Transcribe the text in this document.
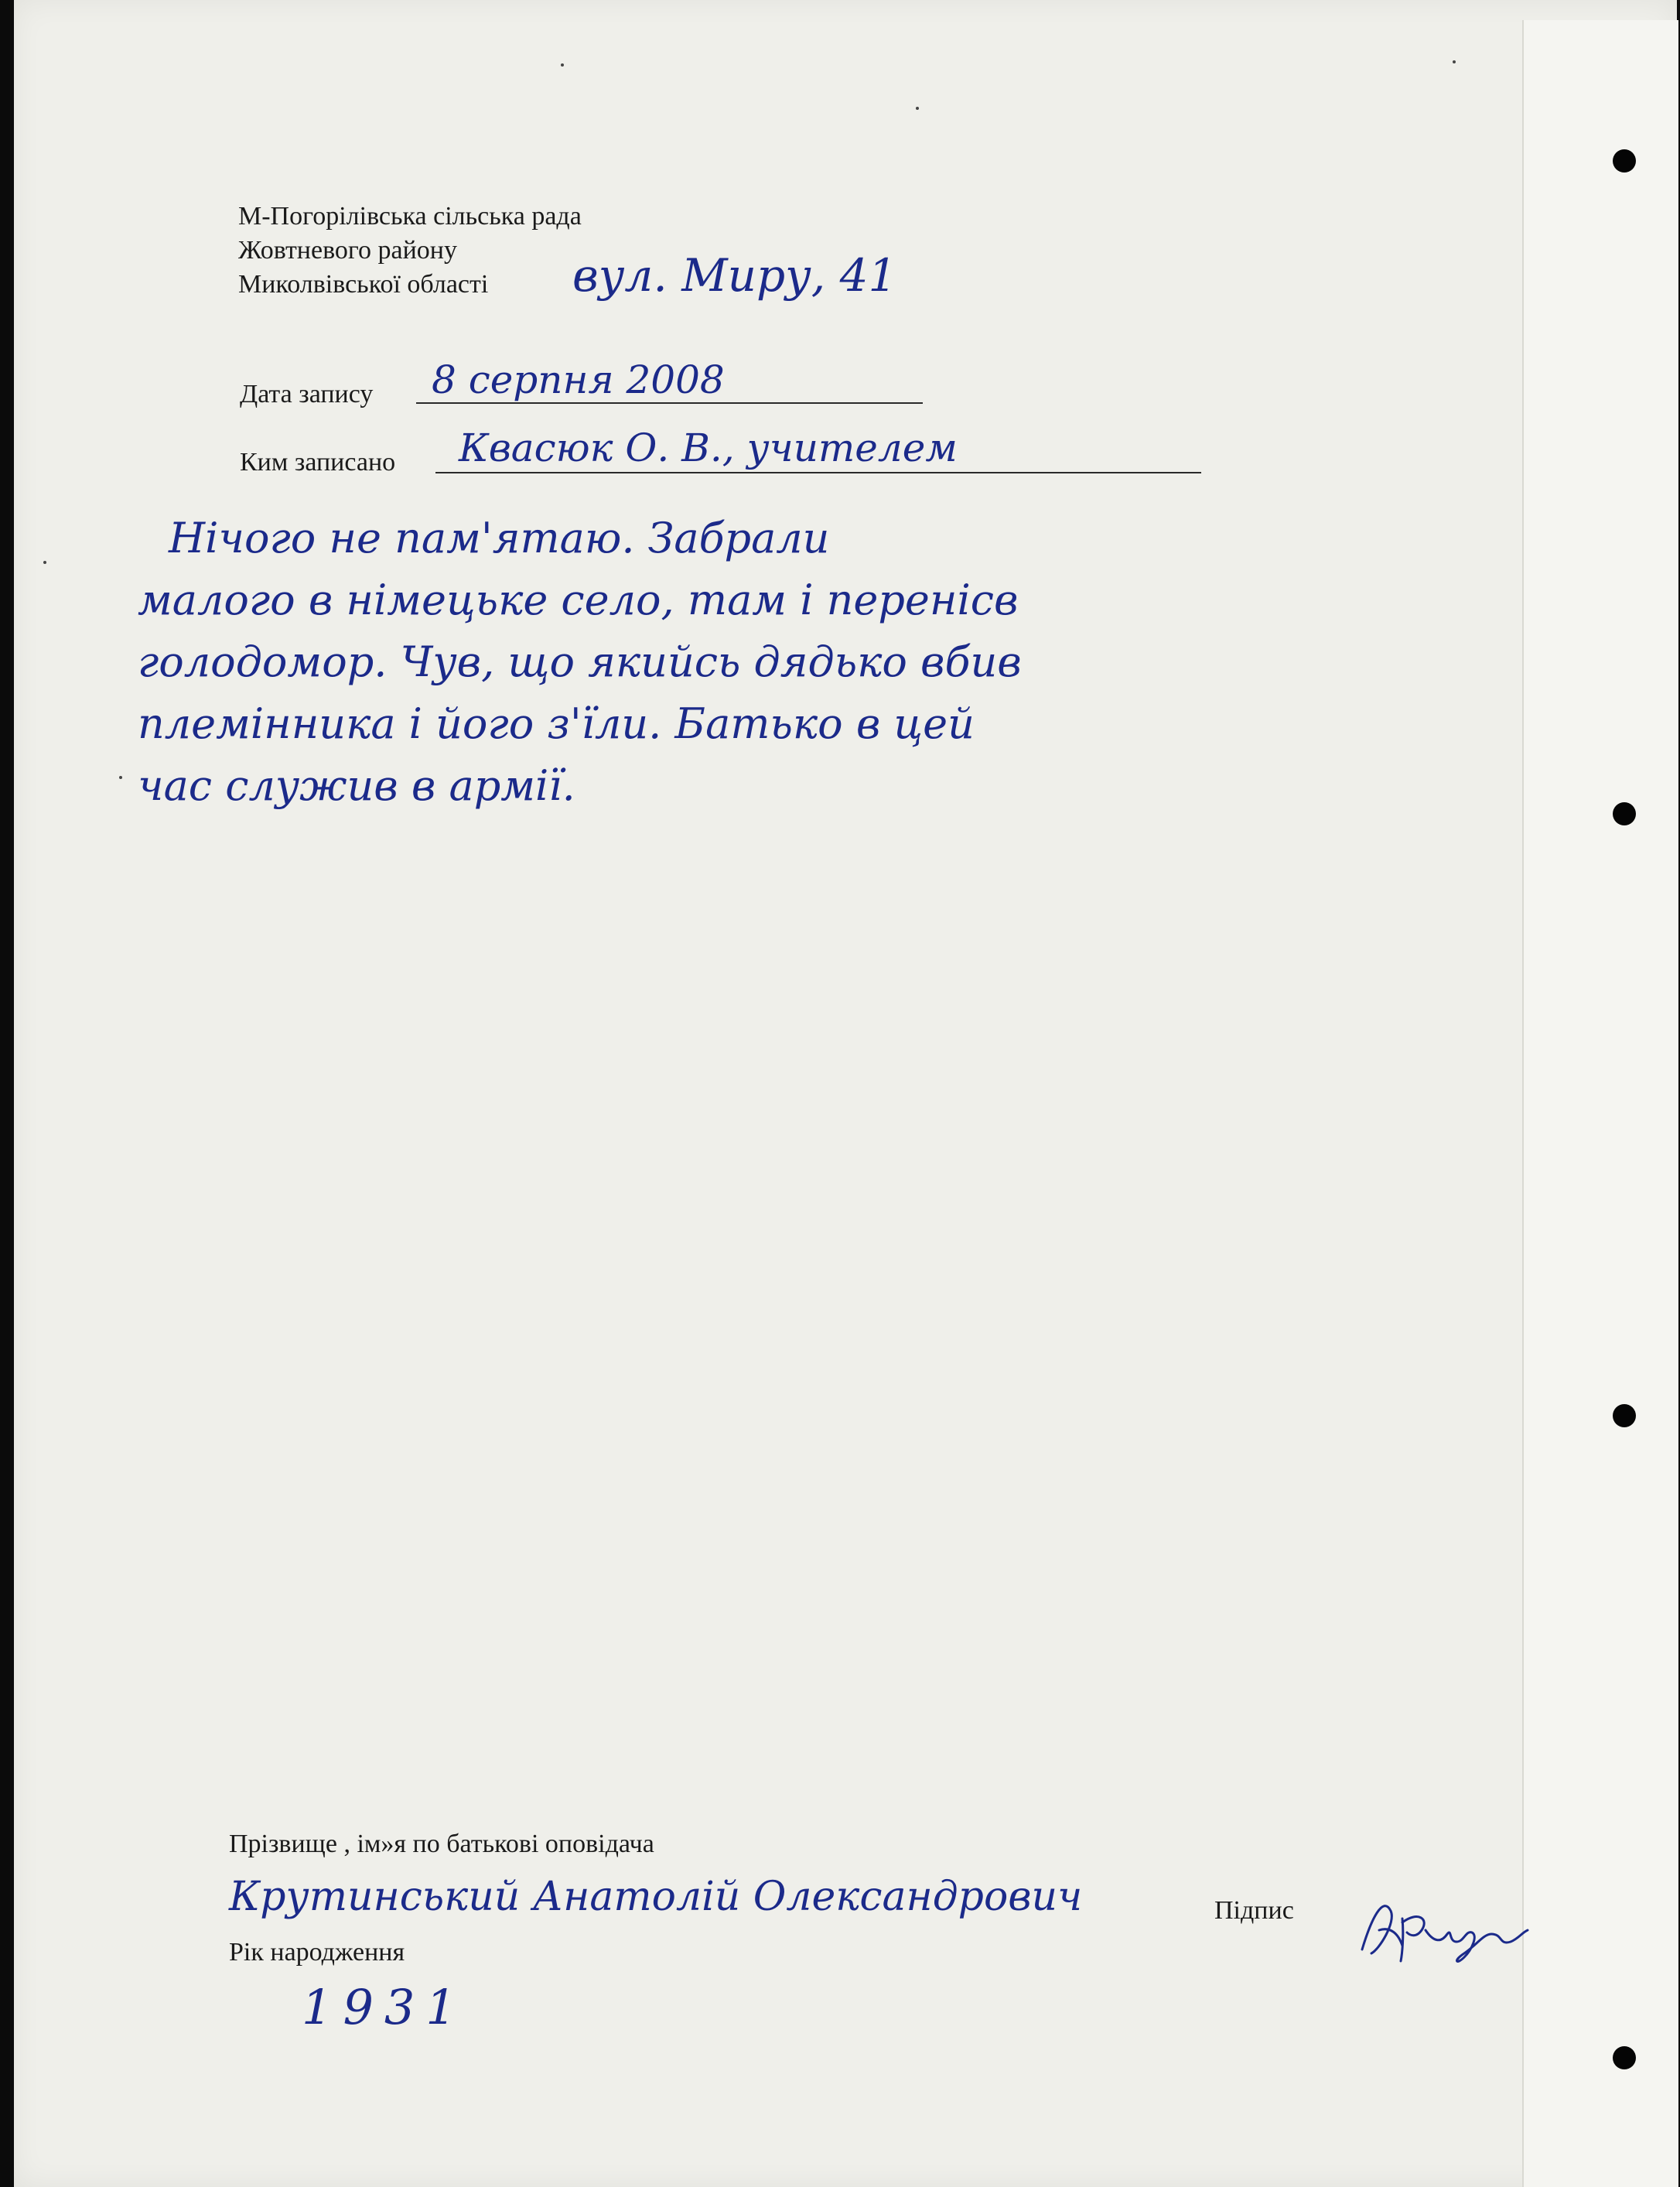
М-Погорілівська сільська рада
Жовтневого району
Миколвівської області вул. Миру, 41
Дата запису 8 серпня 2008
Ким записано Квасюк О. В., учителем
Нічого не пам'ятаю. Забрали
малого в німецьке село, там і перенісв
голодомор. Чув, що якийсь дядько вбив
племінника і його з'їли. Батько в цей
час служив в армії.
Прізвище , ім»я по батькові оповідача
Крутинський Анатолій Олександрович	Підпис
Рік народження
1931
